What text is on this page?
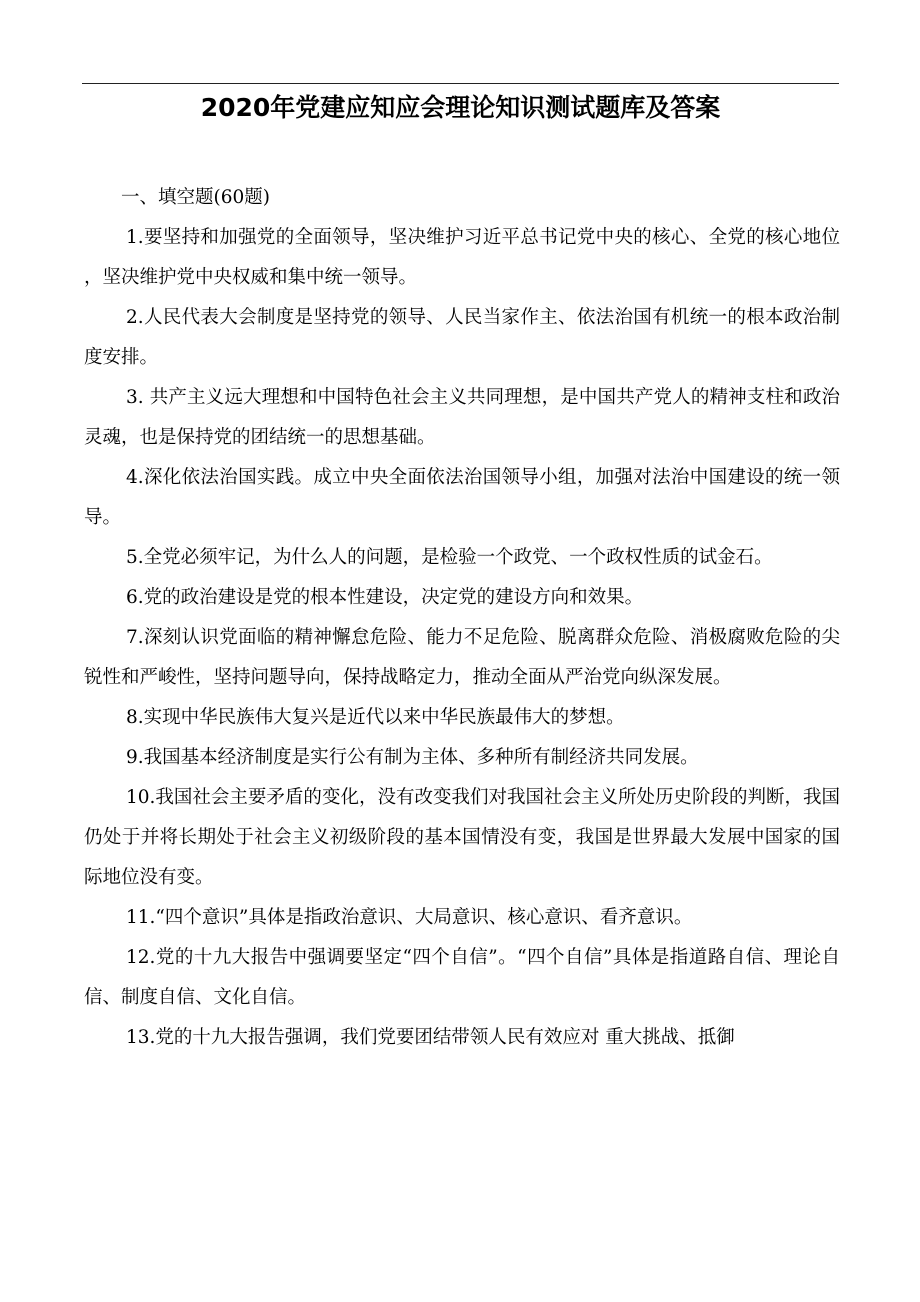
2020年党建应知应会理论知识测试题库及答案

一、填空题(60题)

1.要坚持和加强党的全面领导，坚决维护习近平总书记党中央的核心、全党的核心地位，坚决维护党中央权威和集中统一领导。

2.人民代表大会制度是坚持党的领导、人民当家作主、依法治国有机统一的根本政治制度安排。

3. 共产主义远大理想和中国特色社会主义共同理想，是中国共产党人的精神支柱和政治灵魂，也是保持党的团结统一的思想基础。

4.深化依法治国实践。成立中央全面依法治国领导小组，加强对法治中国建设的统一领导。

5.全党必须牢记，为什么人的问题，是检验一个政党、一个政权性质的试金石。

6.党的政治建设是党的根本性建设，决定党的建设方向和效果。

7.深刻认识党面临的精神懈怠危险、能力不足危险、脱离群众危险、消极腐败危险的尖锐性和严峻性，坚持问题导向，保持战略定力，推动全面从严治党向纵深发展。

8.实现中华民族伟大复兴是近代以来中华民族最伟大的梦想。

9.我国基本经济制度是实行公有制为主体、多种所有制经济共同发展。

10.我国社会主要矛盾的变化，没有改变我们对我国社会主义所处历史阶段的判断，我国仍处于并将长期处于社会主义初级阶段的基本国情没有变，我国是世界最大发展中国家的国际地位没有变。

11.“四个意识”具体是指政治意识、大局意识、核心意识、看齐意识。

12.党的十九大报告中强调要坚定“四个自信”。“四个自信”具体是指道路自信、理论自信、制度自信、文化自信。

13.党的十九大报告强调，我们党要团结带领人民有效应对 重大挑战、抵御
